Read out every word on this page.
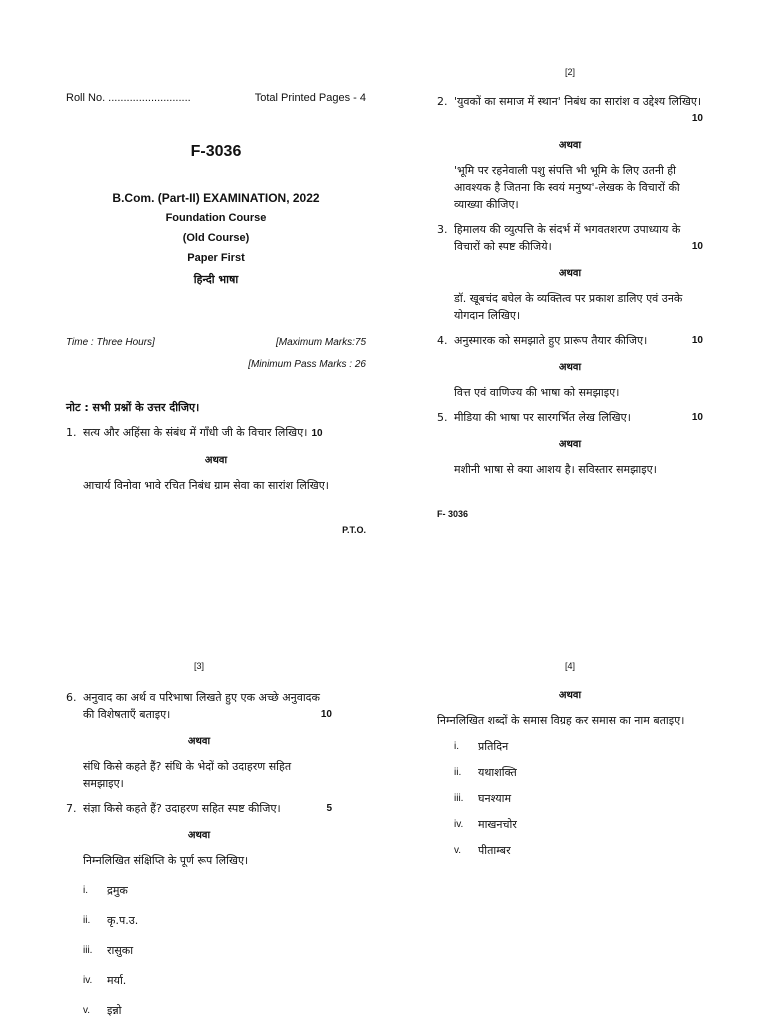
Roll No. ...........................	Total Printed Pages - 4
F-3036
B.Com. (Part-II) EXAMINATION, 2022
Foundation Course
(Old Course)
Paper First
हिन्दी भाषा
Time : Three Hours]	[Maximum Marks:75
[Minimum Pass Marks : 26
नोट : सभी प्रश्नों के उत्तर दीजिए।
1. सत्य और अहिंसा के संबंध में गाँधी जी के विचार लिखिए। 10
अथवा
आचार्य विनोवा भावे रचित निबंध ग्राम सेवा का सारांश लिखिए।
P.T.O.
[2]
2. 'युवकों का समाज में स्थान' निबंध का सारांश व उद्देश्य लिखिए।
10
अथवा
'भूमि पर रहनेवाली पशु संपत्ति भी भूमि के लिए उतनी ही आवश्यक है जितना कि स्वयं मनुष्य'-लेखक के विचारों की व्याख्या कीजिए।
3. हिमालय की व्युत्पत्ति के संदर्भ में भगवतशरण उपाध्याय के विचारों को स्पष्ट कीजिये।	10
अथवा
डॉ. खूबचंद बघेल के व्यक्तित्व पर प्रकाश डालिए एवं उनके योगदान लिखिए।
4. अनुस्मारक को समझाते हुए प्रारूप तैयार कीजिए।	10
अथवा
वित्त एवं वाणिज्य की भाषा को समझाइए।
5. मीडिया की भाषा पर सारगर्भित लेख लिखिए।	10
अथवा
मशीनी भाषा से क्या आशय है। सविस्तार समझाइए।
F- 3036
[3]
6. अनुवाद का अर्थ व परिभाषा लिखते हुए एक अच्छे अनुवादक की विशेषताएँ बताइए।	10
अथवा
संधि किसे कहते हैं? संधि के भेदों को उदाहरण सहित समझाइए।
7. संज्ञा किसे कहते हैं? उदाहरण सहित स्पष्ट कीजिए।	5
अथवा
निम्नलिखित संक्षिप्ति के पूर्ण रूप लिखिए।
i.	द्रमुक
ii.	कृ.प.उ.
iii.	रासुका
iv.	मर्या.
v.	इन्नो
[4]
अथवा
निम्नलिखित शब्दों के समास विग्रह कर समास का नाम बताइए।
i.	प्रतिदिन
ii.	यथाशक्ति
iii.	घनश्याम
iv.	माखनचोर
v.	पीताम्बर
